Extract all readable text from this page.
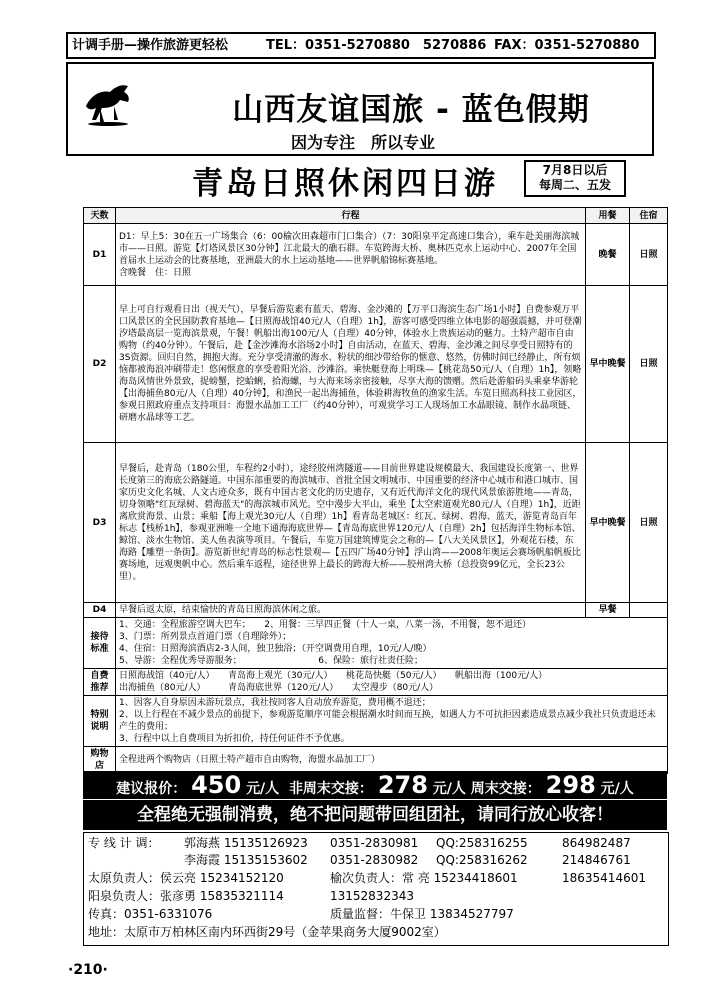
计调手册—操作旅游更轻松	TEL：0351-5270880　5270886 FAX：0351-5270880
山西友谊国旅 - 蓝色假期
因为专注　所以专业
青岛日照休闲四日游	7月8日以后
每周二、五发
天数	行程	用餐	住宿
D1	D1：早上5：30在五一广场集合（6：00榆次田森超市门口集合）（7：30阳泉平定高速口集合），乘车赴美丽海滨城市——日照。游览【灯塔风景区30分钟】江北最大的礁石群。车览跨海大桥、奥林匹克水上运动中心、2007年全国首届水上运动会的比赛基地，亚洲最大的水上运动基地——世界帆船锦标赛基地。　　　　　　　　　　　　　　　　　　　含晚餐　住：日照	晚餐	日照
D2	早上可自行观看日出（视天气），早餐后游览素有蓝天、碧海、金沙滩的【万平口海滨生态广场1小时】自费参观万平口风景区的全民国防教育基地—【日照海战馆40元/人（自理）1h】，游客可感受四维立体电影的超强震撼，并可登潮汐塔最高层一览海滨景观，午餐！帆船出海100元/人（自理）40分钟，体验水上贵族运动的魅力。土特产超市自由购物（约40分钟）。午餐后，赴【金沙滩海水浴场2小时】自由活动，在蓝天、碧海、金沙滩之间尽享受日照特有的3S资源。回归自然，拥抱大海。充分享受清澈的海水、粉状的细沙带给你的惬意、悠然，仿佛时间已经静止，所有烦恼都被海浪冲刷带走！悠闲惬意的享受着阳光浴、沙滩浴。乘快艇登海上明珠—【桃花岛50元/人（自理）1h】，领略海岛风情世外景致，捉螃蟹，挖蛤蜊，拾海螺，与大海来场亲密接触，尽享大海的馈赠。然后赴游船码头乘豪华游轮【出海捕鱼80元/人（自理）40分钟】，和渔民一起出海捕鱼，体验耕海牧鱼的渔家生活。车览日照高科技工业园区，参观日照政府重点支持项目：海盟水晶加工工厂（约40分钟），可观赏学习工人现场加工水晶眼镜、制作水晶项链、研磨水晶球等工艺。	早中晚餐	日照
D3	早餐后，赴青岛（180公里，车程约2小时），途经胶州湾隧道——目前世界建设规模最大、我国建设长度第一、世界长度第三的海底公路隧道。中国东部重要的海滨城市、首批全国文明城市、中国重要的经济中心城市和港口城市、国家历史文化名城、人文古迹众多，既有中国古老文化的历史遗存，又有近代海洋文化的现代风景旅游胜地——青岛，切身领略"红瓦绿树、碧海蓝天"的海滨城市风光。空中漫步大平山，乘坐【太空索道观光80元/人（自理）1h】，近距离欣赏海景、山景；乘船【海上观光30元/人（自理）1h】看青岛老城区：红瓦、绿树、碧海、蓝天，游览青岛百年标志【栈桥1h】，参观亚洲唯一全地下通海海底世界—【青岛海底世界120元/人（自理）2h】包括海洋生物标本馆、鲸馆、淡水生物馆、美人鱼表演等项目。午餐后，车览万国建筑博览会之称的—【八大关风景区】，外观花石楼，东海路【雕塑一条街】。游览新世纪青岛的标志性景观—【五四广场40分钟】浮山湾——2008年奥运会赛场帆船帆板比赛场地，远观奥帆中心。然后乘车返程，途径世界上最长的跨海大桥——胶州湾大桥（总投资99亿元，全长23公里）。	早中晚餐	日照
D4	早餐后返太原，结束愉快的青岛日照海滨休闲之旅。	早餐	
接待标准	1、交通：全程旅游空调大巴车；　　2、用餐：三早四正餐（十人一桌，八菜一汤，不用餐，恕不退还）
3、门票：所列景点首道门票（自理除外）；
4、住宿：日照海滨酒店2-3人间，独卫独浴；（开空调费用自理，10元/人/晚）
5、导游：全程优秀导游服务；　　　　　　　　　6、保险：旅行社责任险；		

自费推荐	日照海战馆（40元/人）　　青岛海上观光（30元/人）　　桃花岛快艇（50元/人）　　帆船出海（100元/人）
出海捕鱼（80元/人）　　　青岛海底世界（120元/人）　　太空漫步（80元/人）		

特别说明	1、因客人自身原因未游玩景点，我社按同客人自动放弃游览，费用概不退还；
2、以上行程在不减少景点的前提下，参观游览顺序可能会根据潮水时间而互换，如遇人力不可抗拒因素造成景点减少我社只负责退还未产生的费用；
3、行程中以上自费项目为折扣价，持任何证件不予优惠。		

购物店	全程进两个购物店（日照土特产超市自由购物，海盟水晶加工厂）		
建议报价： 450 元/人 非周末交接： 278 元/人 周末交接： 298 元/人
全程绝无强制消费，绝不把问题带回组团社，请同行放心收客！
专 线 计 调： 郭海燕 15135126923 0351-2830981 QQ:258316255	864982487
李海霞 15135153602 0351-2830982 QQ:258316262	214846761
太原负责人：侯云亮 15234152120	榆次负责人：常 亮 15234418601	18635414601
阳泉负责人：张彦勇 15835321114	13152832343
传真：0351-6331076	质量监督：牛保卫 13834527797
地址：太原市万柏林区南内环西街29号（金苹果商务大厦9002室）
·210·
